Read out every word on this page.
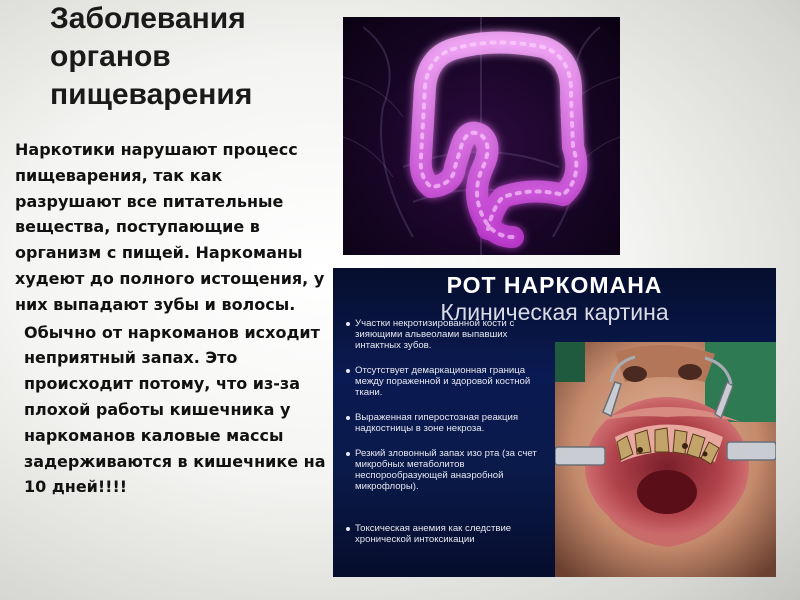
Заболевания
органов
пищеварения

Наркотики нарушают процесс пищеварения, так как разрушают все питательные вещества, поступающие в организм с пищей. Наркоманы худеют до полного истощения, у них выпадают зубы и волосы.

Обычно от наркоманов исходит неприятный запах. Это происходит потому, что из-за плохой работы кишечника у наркоманов каловые массы задерживаются в кишечнике на 10 дней!!!!

РОТ НАРКОМАНА
Клиническая картина
Участки некротизированной кости с зияющими альвеолами выпавших интактных зубов.
Отсутствует демаркационная граница между пораженной и здоровой костной ткани.
Выраженная гиперостозная реакция надкостницы в зоне некроза.
Резкий зловонный запах изо рта (за счет микробных метаболитов неспорообразующей анаэробной микрофлоры).
Токсическая анемия как следствие хронической интоксикации
